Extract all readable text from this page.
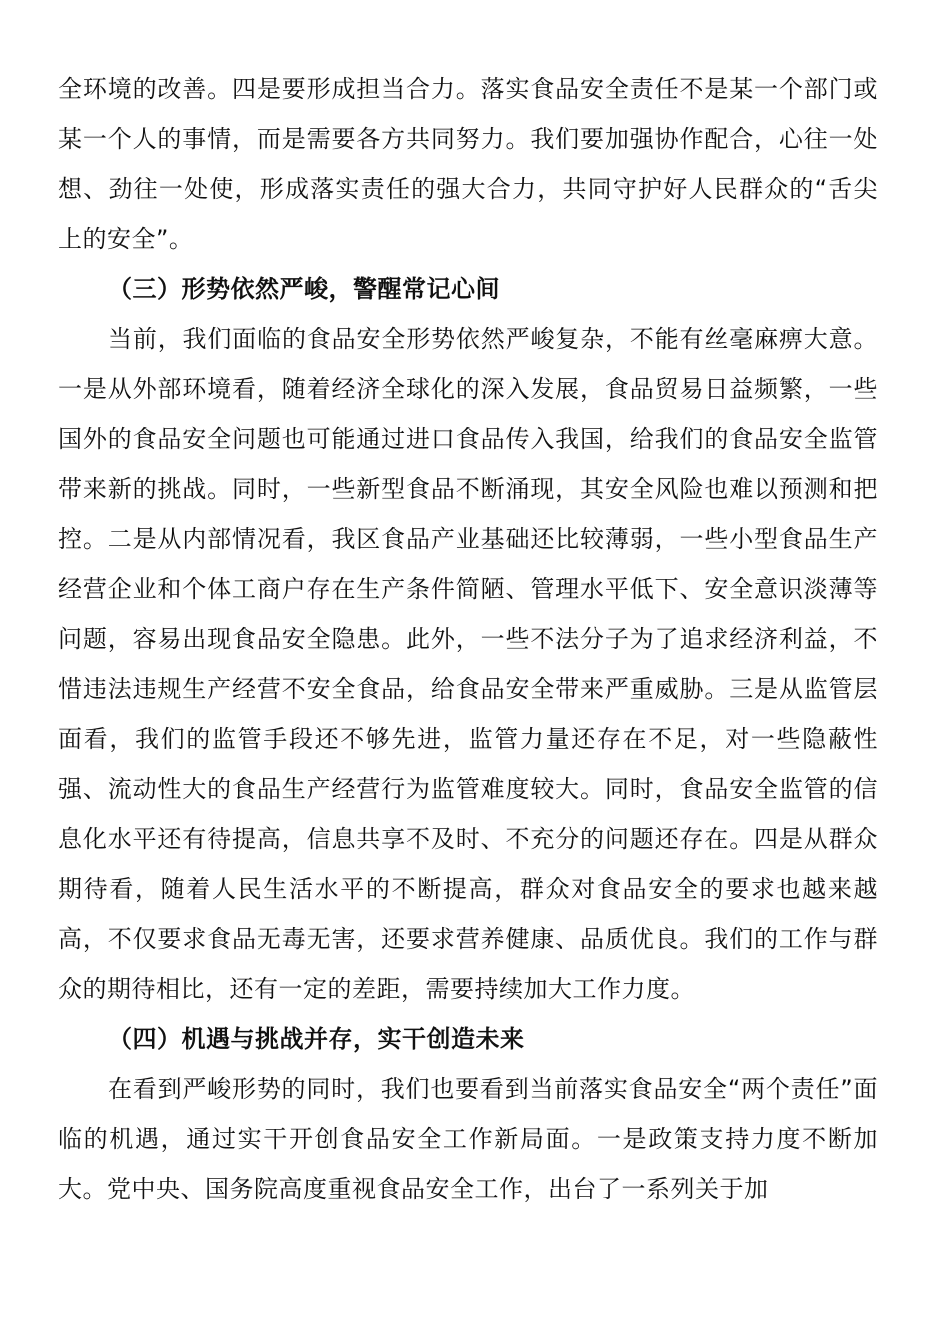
全环境的改善。四是要形成担当合力。落实食品安全责任不是某一个部门或某一个人的事情，而是需要各方共同努力。我们要加强协作配合，心往一处想、劲往一处使，形成落实责任的强大合力，共同守护好人民群众的“舌尖上的安全”。

（三）形势依然严峻，警醒常记心间

当前，我们面临的食品安全形势依然严峻复杂，不能有丝毫麻痹大意。一是从外部环境看，随着经济全球化的深入发展，食品贸易日益频繁，一些国外的食品安全问题也可能通过进口食品传入我国，给我们的食品安全监管带来新的挑战。同时，一些新型食品不断涌现，其安全风险也难以预测和把控。二是从内部情况看，我区食品产业基础还比较薄弱，一些小型食品生产经营企业和个体工商户存在生产条件简陋、管理水平低下、安全意识淡薄等问题，容易出现食品安全隐患。此外，一些不法分子为了追求经济利益，不惜违法违规生产经营不安全食品，给食品安全带来严重威胁。三是从监管层面看，我们的监管手段还不够先进，监管力量还存在不足，对一些隐蔽性强、流动性大的食品生产经营行为监管难度较大。同时，食品安全监管的信息化水平还有待提高，信息共享不及时、不充分的问题还存在。四是从群众期待看，随着人民生活水平的不断提高，群众对食品安全的要求也越来越高，不仅要求食品无毒无害，还要求营养健康、品质优良。我们的工作与群众的期待相比，还有一定的差距，需要持续加大工作力度。

（四）机遇与挑战并存，实干创造未来

在看到严峻形势的同时，我们也要看到当前落实食品安全“两个责任”面临的机遇，通过实干开创食品安全工作新局面。一是政策支持力度不断加大。党中央、国务院高度重视食品安全工作，出台了一系列关于加
